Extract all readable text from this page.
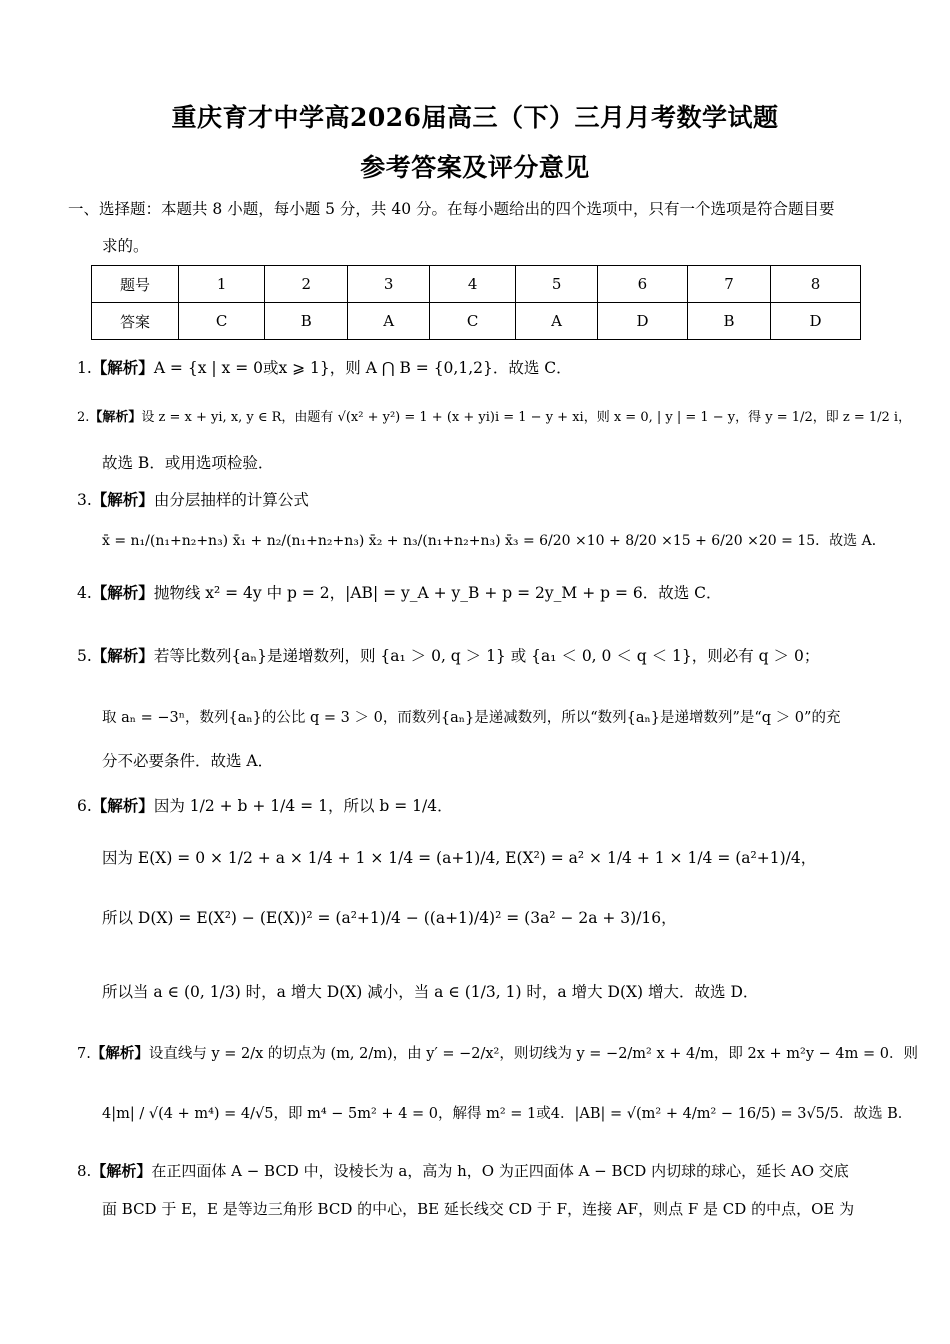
重庆育才中学高2026届高三（下）三月月考数学试题
参考答案及评分意见
一、选择题：本题共 8 小题，每小题 5 分，共 40 分。在每小题给出的四个选项中，只有一个选项是符合题目要
求的。
题号	1	2	3	4	5	6	7	8
答案	C	B	A	C	A	D	B	D
1.【解析】A = {x | x = 0或x ⩾ 1}，则 A ⋂ B = {0,1,2}．故选 C．
2.【解析】设 z = x + yi, x, y ∈ R，由题有 √(x² + y²) = 1 + (x + yi)i = 1 − y + xi，则 x = 0, | y | = 1 − y，得 y = 1/2，即 z = 1/2 i，
故选 B．或用选项检验．
3.【解析】由分层抽样的计算公式
x̄ = n₁/(n₁+n₂+n₃) x̄₁ + n₂/(n₁+n₂+n₃) x̄₂ + n₃/(n₁+n₂+n₃) x̄₃ = 6/20 ×10 + 8/20 ×15 + 6/20 ×20 = 15．故选 A．
4.【解析】抛物线 x² = 4y 中 p = 2，|AB| = y_A + y_B + p = 2y_M + p = 6．故选 C．
5.【解析】若等比数列{aₙ}是递增数列，则 {a₁ ＞ 0, q ＞ 1} 或 {a₁ ＜ 0, 0 ＜ q ＜ 1}，则必有 q ＞ 0；
取 aₙ = −3ⁿ，数列{aₙ}的公比 q = 3 ＞ 0，而数列{aₙ}是递减数列，所以“数列{aₙ}是递增数列”是“q ＞ 0”的充
分不必要条件．故选 A．
6.【解析】因为 1/2 + b + 1/4 = 1，所以 b = 1/4．
因为 E(X) = 0 × 1/2 + a × 1/4 + 1 × 1/4 = (a+1)/4, E(X²) = a² × 1/4 + 1 × 1/4 = (a²+1)/4，
所以 D(X) = E(X²) − (E(X))² = (a²+1)/4 − ((a+1)/4)² = (3a² − 2a + 3)/16，
所以当 a ∈ (0, 1/3) 时，a 增大 D(X) 减小，当 a ∈ (1/3, 1) 时，a 增大 D(X) 增大．故选 D．
7.【解析】设直线与 y = 2/x 的切点为 (m, 2/m)，由 y′ = −2/x²，则切线为 y = −2/m² x + 4/m，即 2x + m²y − 4m = 0．则
4|m| / √(4 + m⁴) = 4/√5，即 m⁴ − 5m² + 4 = 0，解得 m² = 1或4．|AB| = √(m² + 4/m² − 16/5) = 3√5/5．故选 B．
8.【解析】在正四面体 A − BCD 中，设棱长为 a，高为 h，O 为正四面体 A − BCD 内切球的球心，延长 AO 交底
面 BCD 于 E，E 是等边三角形 BCD 的中心，BE 延长线交 CD 于 F，连接 AF，则点 F 是 CD 的中点，OE 为
